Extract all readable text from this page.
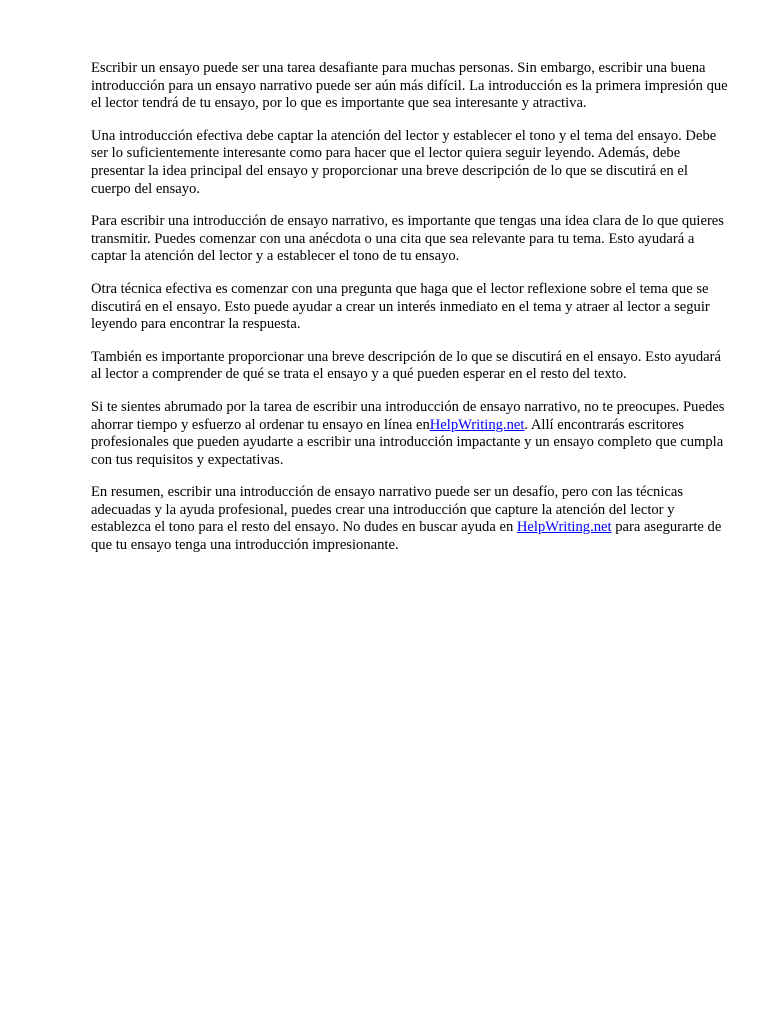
Escribir un ensayo puede ser una tarea desafiante para muchas personas. Sin embargo, escribir una buena introducción para un ensayo narrativo puede ser aún más difícil. La introducción es la primera impresión que el lector tendrá de tu ensayo, por lo que es importante que sea interesante y atractiva.

Una introducción efectiva debe captar la atención del lector y establecer el tono y el tema del ensayo. Debe ser lo suficientemente interesante como para hacer que el lector quiera seguir leyendo. Además, debe presentar la idea principal del ensayo y proporcionar una breve descripción de lo que se discutirá en el cuerpo del ensayo.

Para escribir una introducción de ensayo narrativo, es importante que tengas una idea clara de lo que quieres transmitir. Puedes comenzar con una anécdota o una cita que sea relevante para tu tema. Esto ayudará a captar la atención del lector y a establecer el tono de tu ensayo.

Otra técnica efectiva es comenzar con una pregunta que haga que el lector reflexione sobre el tema que se discutirá en el ensayo. Esto puede ayudar a crear un interés inmediato en el tema y atraer al lector a seguir leyendo para encontrar la respuesta.

También es importante proporcionar una breve descripción de lo que se discutirá en el ensayo. Esto ayudará al lector a comprender de qué se trata el ensayo y a qué pueden esperar en el resto del texto.

Si te sientes abrumado por la tarea de escribir una introducción de ensayo narrativo, no te preocupes. Puedes ahorrar tiempo y esfuerzo al ordenar tu ensayo en línea enHelpWriting.net. Allí encontrarás escritores profesionales que pueden ayudarte a escribir una introducción impactante y un ensayo completo que cumpla con tus requisitos y expectativas.

En resumen, escribir una introducción de ensayo narrativo puede ser un desafío, pero con las técnicas adecuadas y la ayuda profesional, puedes crear una introducción que capture la atención del lector y establezca el tono para el resto del ensayo. No dudes en buscar ayuda en HelpWriting.net para asegurarte de que tu ensayo tenga una introducción impresionante.
